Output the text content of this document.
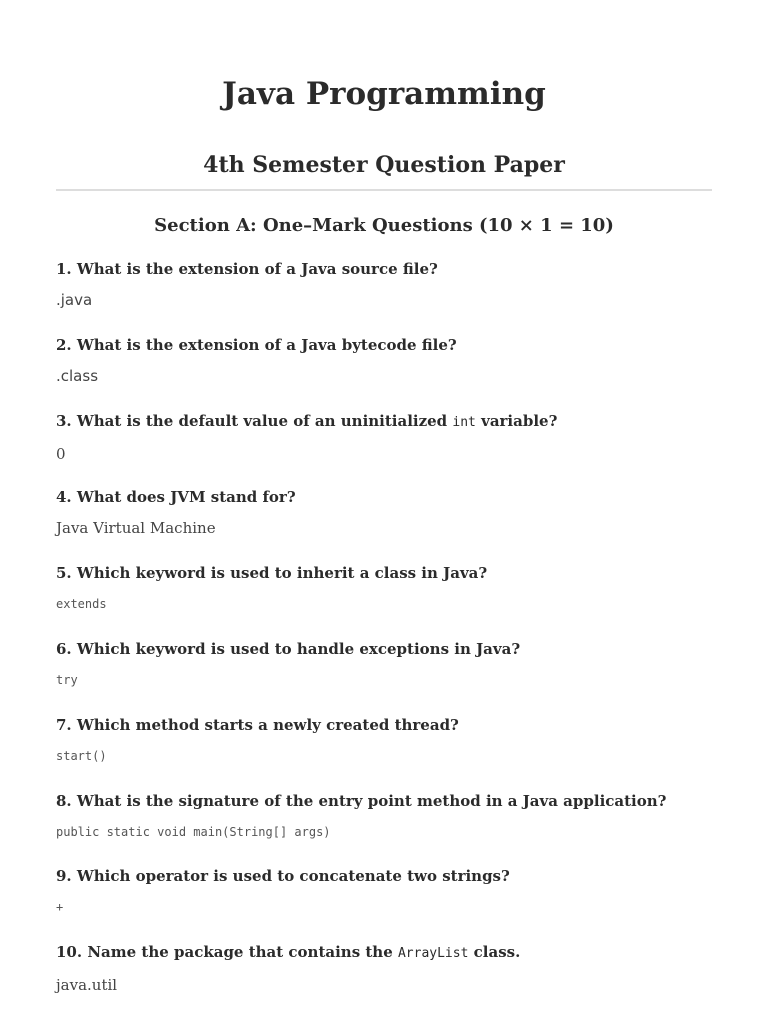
Java Programming
4th Semester Question Paper
Section A: One–Mark Questions (10 × 1 = 10)
1. What is the extension of a Java source file?
.java
2. What is the extension of a Java bytecode file?
.class
3. What is the default value of an uninitialized int variable?
0
4. What does JVM stand for?
Java Virtual Machine
5. Which keyword is used to inherit a class in Java?
extends
6. Which keyword is used to handle exceptions in Java?
try
7. Which method starts a newly created thread?
start()
8. What is the signature of the entry point method in a Java application?
public static void main(String[] args)
9. Which operator is used to concatenate two strings?
+
10. Name the package that contains the ArrayList class.
java.util
